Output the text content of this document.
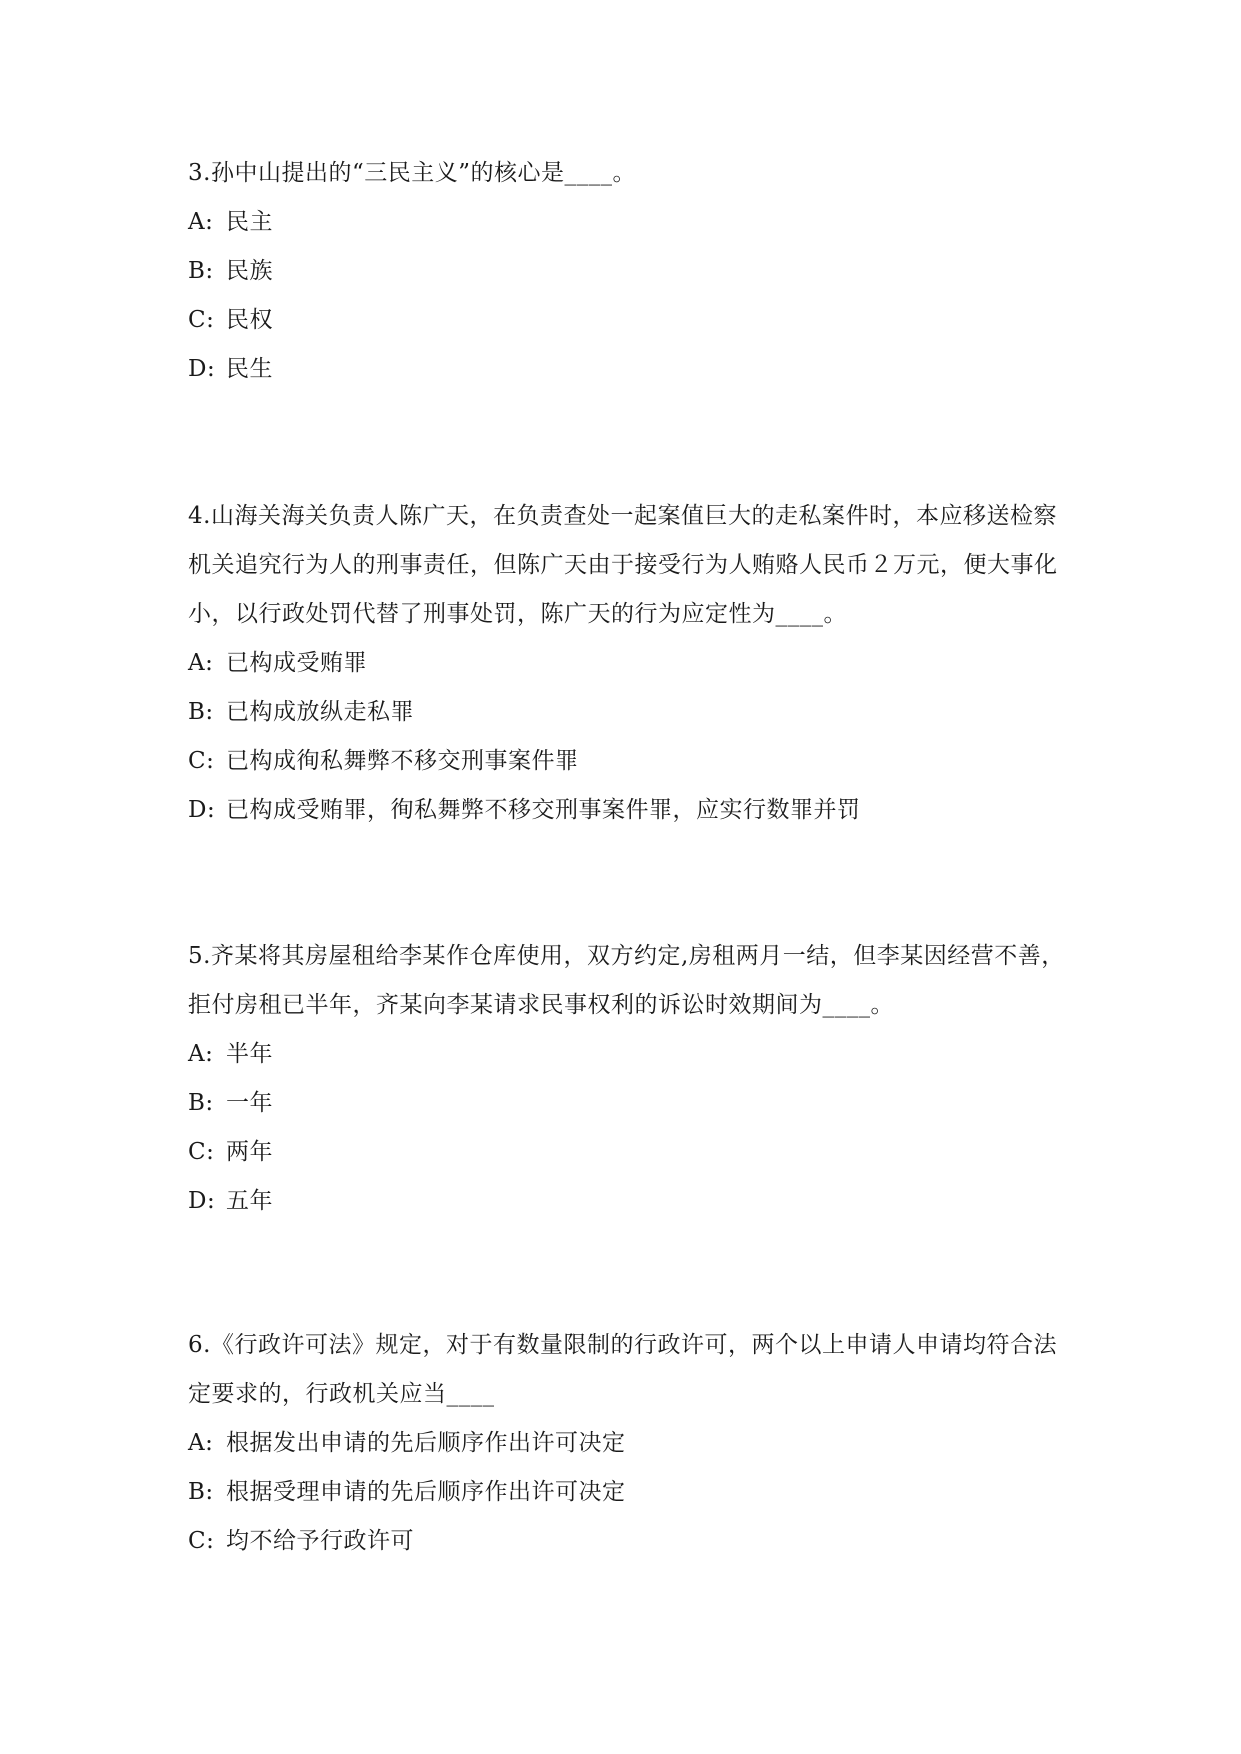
3.孙中山提出的“三民主义”的核心是____。

A: 民主

B: 民族

C: 民权

D: 民生

4.山海关海关负责人陈广天，在负责查处一起案值巨大的走私案件时，本应移送检察机关追究行为人的刑事责任，但陈广天由于接受行为人贿赂人民币２万元，便大事化小，以行政处罚代替了刑事处罚，陈广天的行为应定性为____。

A: 已构成受贿罪

B: 已构成放纵走私罪

C: 已构成徇私舞弊不移交刑事案件罪

D: 已构成受贿罪，徇私舞弊不移交刑事案件罪，应实行数罪并罚

5.齐某将其房屋租给李某作仓库使用，双方约定,房租两月一结，但李某因经营不善，拒付房租已半年，齐某向李某请求民事权利的诉讼时效期间为____。

A: 半年

B: 一年

C: 两年

D: 五年

6.《行政许可法》规定，对于有数量限制的行政许可，两个以上申请人申请均符合法定要求的，行政机关应当____

A: 根据发出申请的先后顺序作出许可决定

B: 根据受理申请的先后顺序作出许可决定

C: 均不给予行政许可
